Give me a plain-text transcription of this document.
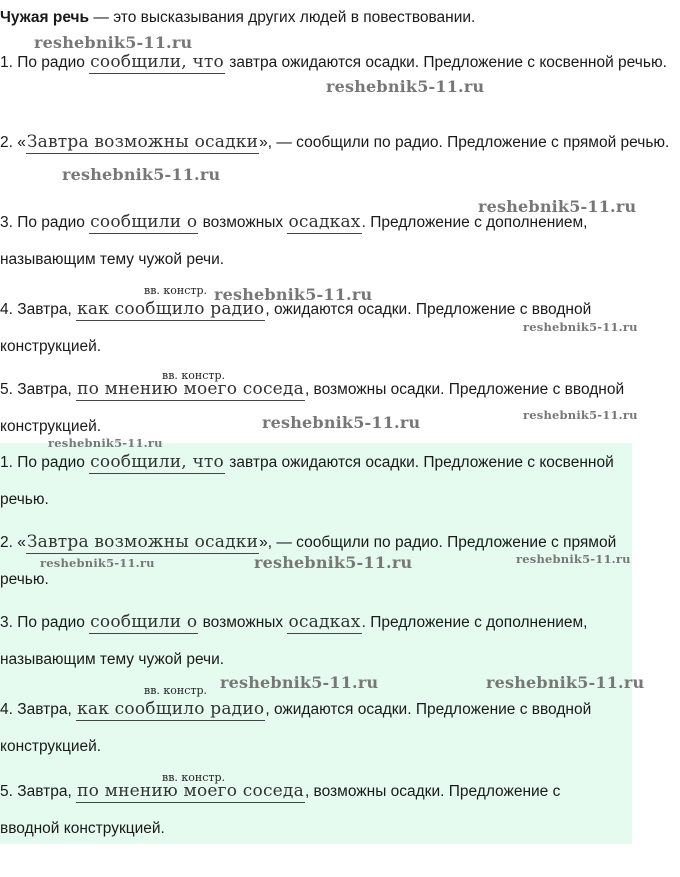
Чужая речь — это высказывания других людей в повествовании.
1. По радио сообщили, что завтра ожидаются осадки. Предложение с косвенной речью.
2. «Завтра возможны осадки», — сообщили по радио. Предложение с прямой речью.
3. По радио сообщили о возможных осадках. Предложение с дополнением, называющим тему чужой речи.
4. Завтра, как сообщило радио, ожидаются осадки. Предложение с вводной конструкцией.
вв. констр.
5. Завтра, по мнению моего соседа, возможны осадки. Предложение с вводной конструкцией.
вв. констр.
1. По радио сообщили, что завтра ожидаются осадки. Предложение с косвенной речью.
2. «Завтра возможны осадки», — сообщили по радио. Предложение с прямой речью.
3. По радио сообщили о возможных осадках. Предложение с дополнением, называющим тему чужой речи.
4. Завтра, как сообщило радио, ожидаются осадки. Предложение с вводной конструкцией.
вв. констр.
5. Завтра, по мнению моего соседа, возможны осадки. Предложение с вводной конструкцией.
вв. констр.
reshebnik5-11.ru
reshebnik5-11.ru
reshebnik5-11.ru
reshebnik5-11.ru
reshebnik5-11.ru
reshebnik5-11.ru
reshebnik5-11.ru	reshebnik5-11.ru
reshebnik5-11.ru
reshebnik5-11.ru	reshebnik5-11.ru	reshebnik5-11.ru
reshebnik5-11.ru	reshebnik5-11.ru
